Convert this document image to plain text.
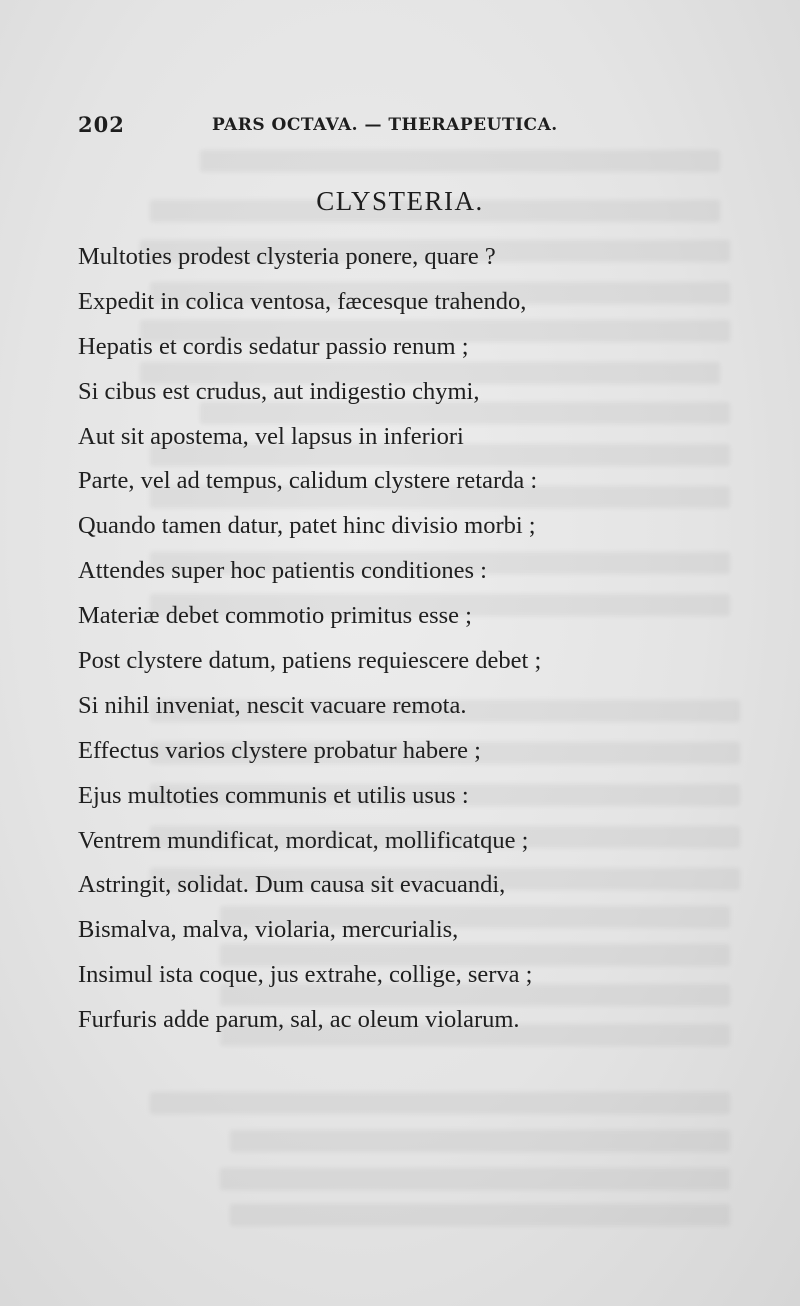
202	PARS OCTAVA. — THERAPEUTICA.
CLYSTERIA.
Multoties prodest clysteria ponere, quare ?
Expedit in colica ventosa, fæcesque trahendo,
Hepatis et cordis sedatur passio renum ;
Si cibus est crudus, aut indigestio chymi,
Aut sit apostema, vel lapsus in inferiori
Parte, vel ad tempus, calidum clystere retarda :
Quando tamen datur, patet hinc divisio morbi ;
Attendes super hoc patientis conditiones :
Materiæ debet commotio primitus esse ;
Post clystere datum, patiens requiescere debet ;
Si nihil inveniat, nescit vacuare remota.
Effectus varios clystere probatur habere ;
Ejus multoties communis et utilis usus :
Ventrem mundificat, mordicat, mollificatque ;
Astringit, solidat. Dum causa sit evacuandi,
Bismalva, malva, violaria, mercurialis,
Insimul ista coque, jus extrahe, collige, serva ;
Furfuris adde parum, sal, ac oleum violarum.
